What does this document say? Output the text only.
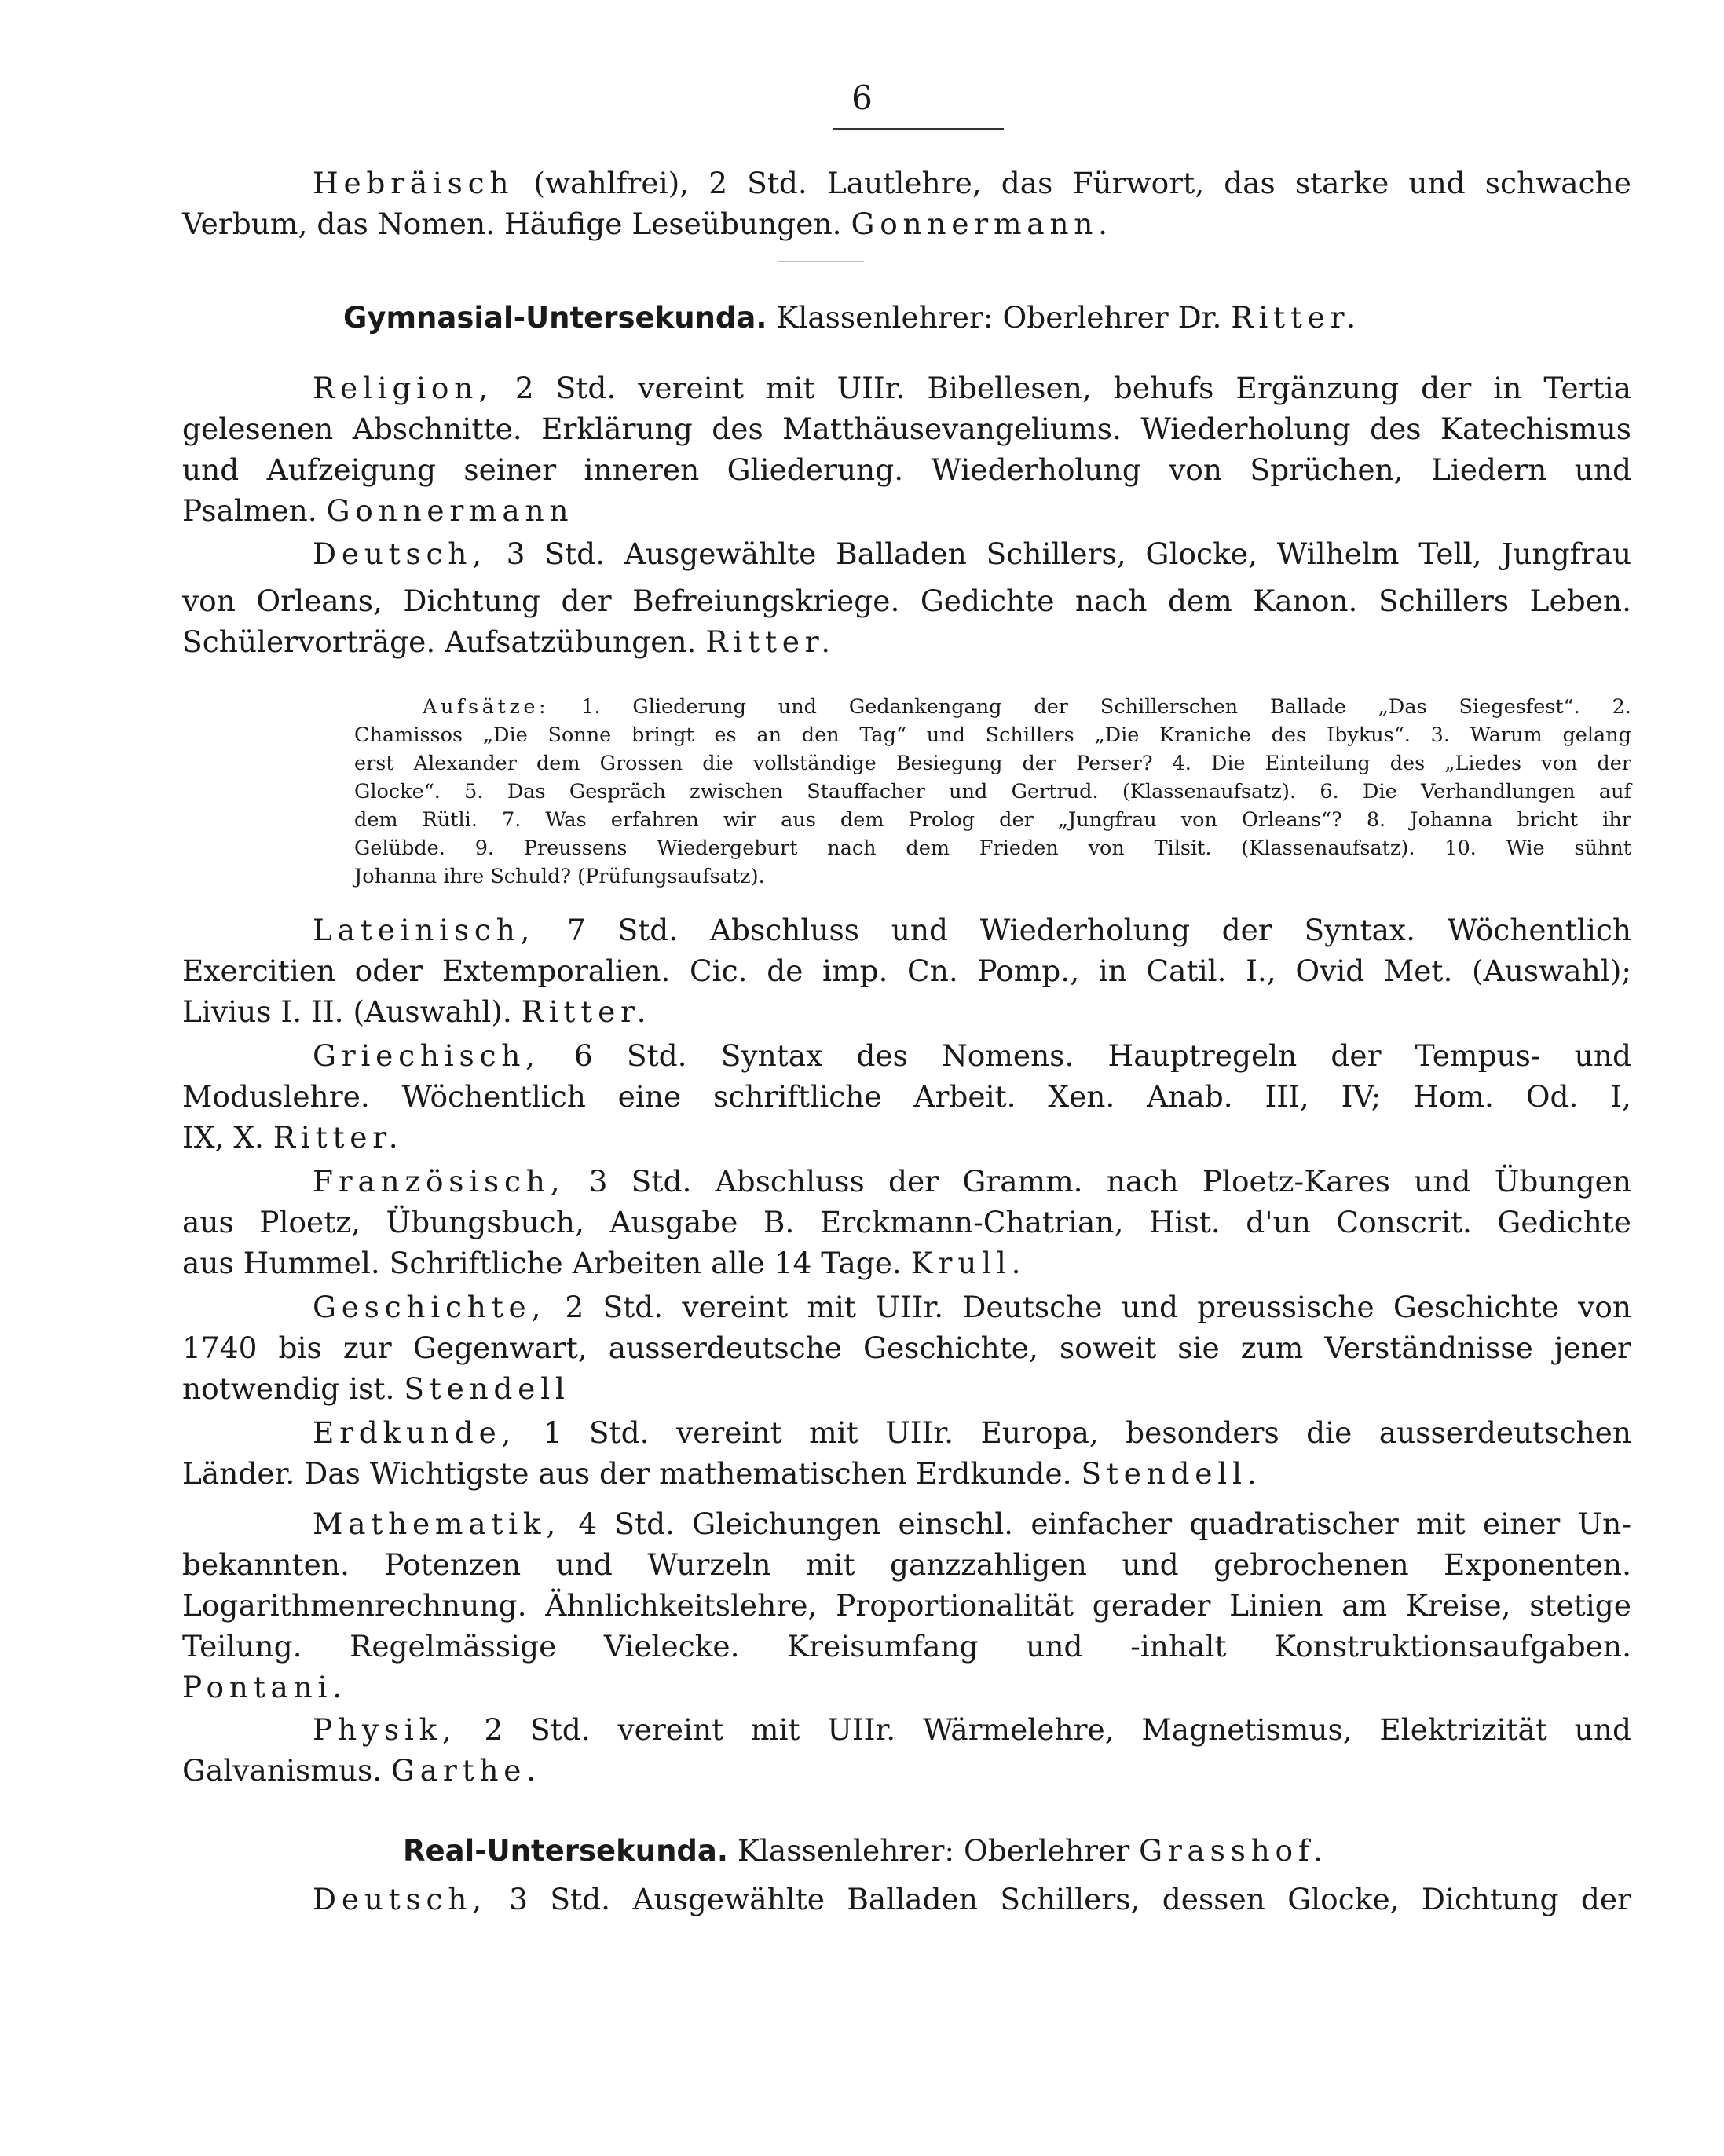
6
Hebräisch (wahlfrei), 2 Std. Lautlehre, das Fürwort, das starke und schwache
Verbum, das Nomen. Häufige Leseübungen. Gonnermann.
Gymnasial-Untersekunda. Klassenlehrer: Oberlehrer Dr. Ritter.
Religion, 2 Std. vereint mit UIIr. Bibellesen, behufs Ergänzung der in Tertia
gelesenen Abschnitte. Erklärung des Matthäusevangeliums. Wiederholung des Katechismus
und Aufzeigung seiner inneren Gliederung. Wiederholung von Sprüchen, Liedern und
Psalmen. Gonnermann
Deutsch, 3 Std. Ausgewählte Balladen Schillers, Glocke, Wilhelm Tell, Jungfrau
von Orleans, Dichtung der Befreiungskriege. Gedichte nach dem Kanon. Schillers Leben.
Schülervorträge. Aufsatzübungen. Ritter.
Aufsätze: 1. Gliederung und Gedankengang der Schillerschen Ballade „Das Siegesfest“. 2.
Chamissos „Die Sonne bringt es an den Tag“ und Schillers „Die Kraniche des Ibykus“. 3. Warum gelang
erst Alexander dem Grossen die vollständige Besiegung der Perser? 4. Die Einteilung des „Liedes von der
Glocke“. 5. Das Gespräch zwischen Stauffacher und Gertrud. (Klassenaufsatz). 6. Die Verhandlungen auf
dem Rütli. 7. Was erfahren wir aus dem Prolog der „Jungfrau von Orleans“? 8. Johanna bricht ihr
Gelübde. 9. Preussens Wiedergeburt nach dem Frieden von Tilsit. (Klassenaufsatz). 10. Wie sühnt
Johanna ihre Schuld? (Prüfungsaufsatz).
Lateinisch, 7 Std. Abschluss und Wiederholung der Syntax. Wöchentlich
Exercitien oder Extemporalien. Cic. de imp. Cn. Pomp., in Catil. I., Ovid Met. (Auswahl);
Livius I. II. (Auswahl). Ritter.
Griechisch, 6 Std. Syntax des Nomens. Hauptregeln der Tempus- und
Moduslehre. Wöchentlich eine schriftliche Arbeit. Xen. Anab. III, IV; Hom. Od. I,
IX, X. Ritter.
Französisch, 3 Std. Abschluss der Gramm. nach Ploetz-Kares und Übungen
aus Ploetz, Übungsbuch, Ausgabe B. Erckmann-Chatrian, Hist. d'un Conscrit. Gedichte
aus Hummel. Schriftliche Arbeiten alle 14 Tage. Krull.
Geschichte, 2 Std. vereint mit UIIr. Deutsche und preussische Geschichte von
1740 bis zur Gegenwart, ausserdeutsche Geschichte, soweit sie zum Verständnisse jener
notwendig ist. Stendell
Erdkunde, 1 Std. vereint mit UIIr. Europa, besonders die ausserdeutschen
Länder. Das Wichtigste aus der mathematischen Erdkunde. Stendell.
Mathematik, 4 Std. Gleichungen einschl. einfacher quadratischer mit einer Un-
bekannten. Potenzen und Wurzeln mit ganzzahligen und gebrochenen Exponenten.
Logarithmenrechnung. Ähnlichkeitslehre, Proportionalität gerader Linien am Kreise, stetige
Teilung. Regelmässige Vielecke. Kreisumfang und -inhalt Konstruktionsaufgaben.
Pontani.
Physik, 2 Std. vereint mit UIIr. Wärmelehre, Magnetismus, Elektrizität und
Galvanismus. Garthe.
Real-Untersekunda. Klassenlehrer: Oberlehrer Grasshof.
Deutsch, 3 Std. Ausgewählte Balladen Schillers, dessen Glocke, Dichtung der
